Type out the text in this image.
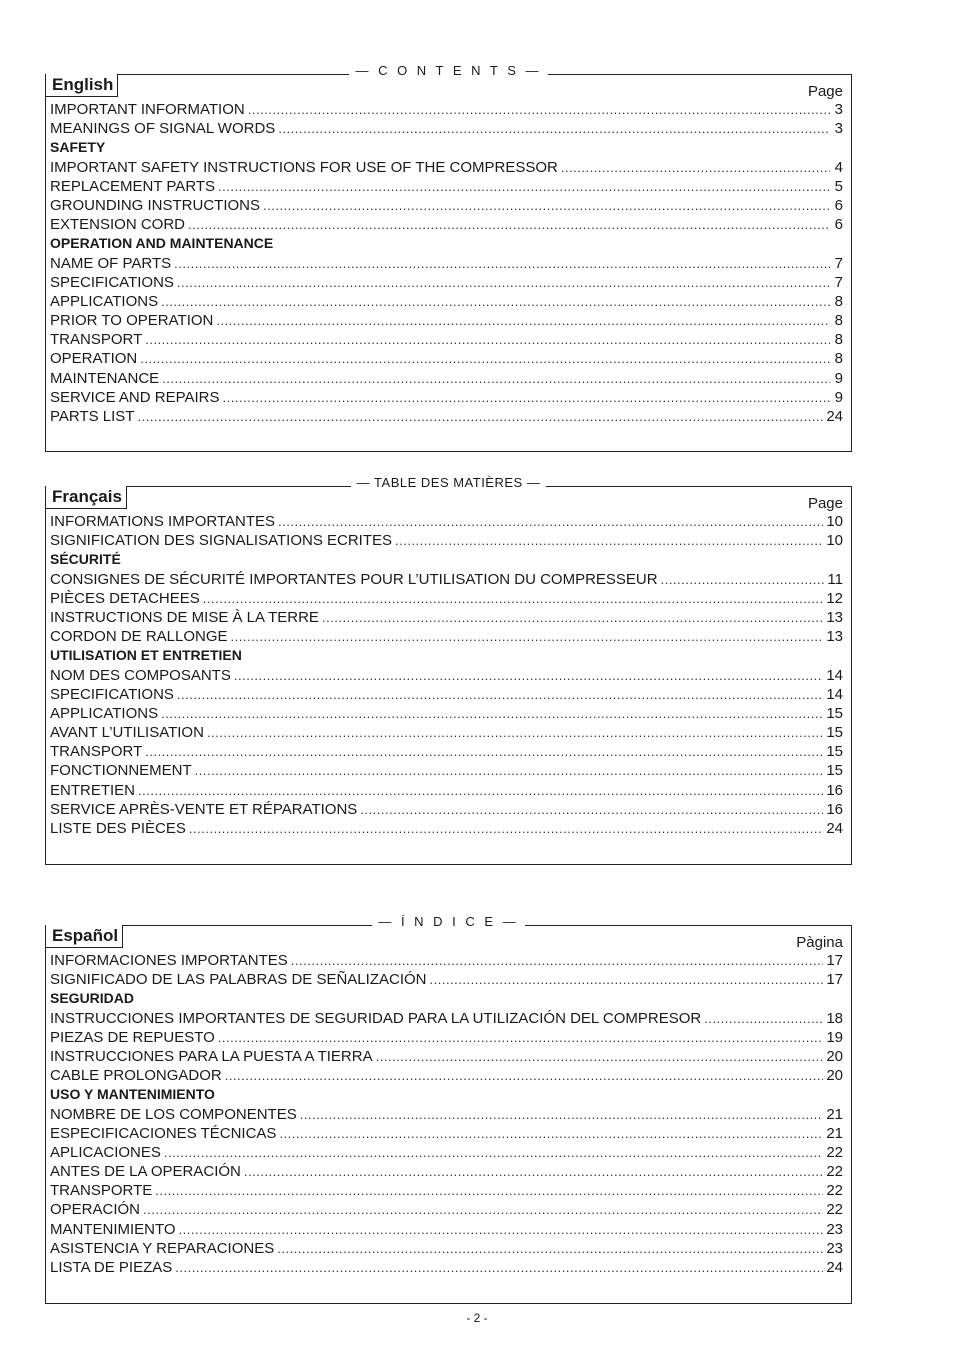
— C O N T E N T S —
English	Page
IMPORTANT INFORMATION .....	3
MEANINGS OF SIGNAL WORDS .....	3
SAFETY
IMPORTANT SAFETY INSTRUCTIONS FOR USE OF THE COMPRESSOR .....	4
REPLACEMENT PARTS .....	5
GROUNDING INSTRUCTIONS .....	6
EXTENSION CORD .....	6
OPERATION AND MAINTENANCE
NAME OF PARTS .....	7
SPECIFICATIONS .....	7
APPLICATIONS .....	8
PRIOR TO OPERATION .....	8
TRANSPORT .....	8
OPERATION .....	8
MAINTENANCE .....	9
SERVICE AND REPAIRS .....	9
PARTS LIST .....	24
— TABLE DES MATIÈRES —
Français	Page
INFORMATIONS IMPORTANTES .....	10
SIGNIFICATION DES SIGNALISATIONS ECRITES .....	10
SÉCURITÉ
CONSIGNES DE SÉCURITÉ IMPORTANTES POUR L’UTILISATION DU COMPRESSEUR .....	11
PIÈCES DETACHEES .....	12
INSTRUCTIONS DE MISE À LA TERRE .....	13
CORDON DE RALLONGE .....	13
UTILISATION ET ENTRETIEN
NOM DES COMPOSANTS .....	14
SPECIFICATIONS .....	14
APPLICATIONS .....	15
AVANT L’UTILISATION .....	15
TRANSPORT .....	15
FONCTIONNEMENT .....	15
ENTRETIEN .....	16
SERVICE APRÈS-VENTE ET RÉPARATIONS .....	16
LISTE DES PIÈCES .....	24
— Í N D I C E —
Español	Pàgina
INFORMACIONES IMPORTANTES .....	17
SIGNIFICADO DE LAS PALABRAS DE SEÑALIZACIÓN .....	17
SEGURIDAD
INSTRUCCIONES IMPORTANTES DE SEGURIDAD PARA LA UTILIZACIÓN DEL COMPRESOR .....	18
PIEZAS DE REPUESTO .....	19
INSTRUCCIONES PARA LA PUESTA A TIERRA .....	20
CABLE PROLONGADOR .....	20
USO Y MANTENIMIENTO
NOMBRE DE LOS COMPONENTES .....	21
ESPECIFICACIONES TÉCNICAS .....	21
APLICACIONES .....	22
ANTES DE LA OPERACIÓN .....	22
TRANSPORTE .....	22
OPERACIÓN .....	22
MANTENIMIENTO .....	23
ASISTENCIA Y REPARACIONES .....	23
LISTA DE PIEZAS .....	24
- 2 -
